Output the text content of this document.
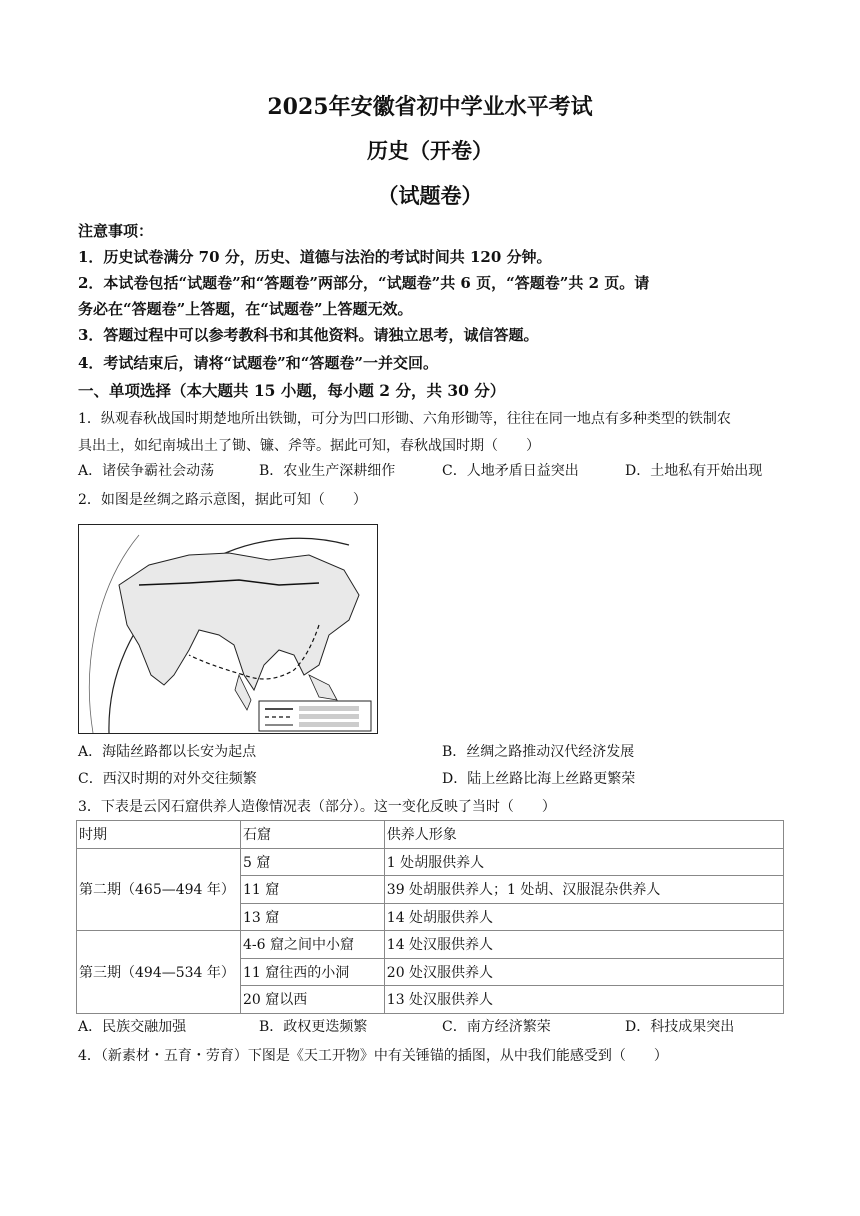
2025年安徽省初中学业水平考试
历史（开卷）
（试题卷）
注意事项：
1．历史试卷满分 70 分，历史、道德与法治的考试时间共 120 分钟。
2．本试卷包括“试题卷”和“答题卷”两部分，“试题卷”共 6 页，“答题卷”共 2 页。请
务必在“答题卷”上答题，在“试题卷”上答题无效。
3．答题过程中可以参考教科书和其他资料。请独立思考，诚信答题。
4．考试结束后，请将“试题卷”和“答题卷”一并交回。
一、单项选择（本大题共 15 小题，每小题 2 分，共 30 分）
1．纵观春秋战国时期楚地所出铁锄，可分为凹口形锄、六角形锄等，往往在同一地点有多种类型的铁制农
具出土，如纪南城出土了锄、镰、斧等。据此可知，春秋战国时期（　　）
A．诸侯争霸社会动荡	B．农业生产深耕细作	C．人地矛盾日益突出	D．土地私有开始出现
2．如图是丝绸之路示意图，据此可知（　　）
A．海陆丝路都以长安为起点	B．丝绸之路推动汉代经济发展
C．西汉时期的对外交往频繁	D．陆上丝路比海上丝路更繁荣
3．下表是云冈石窟供养人造像情况表（部分）。这一变化反映了当时（　　）
时期	石窟	供养人形象
第二期（465—494 年）	5 窟	1 处胡服供养人
	11 窟	39 处胡服供养人；1 处胡、汉服混杂供养人
	13 窟	14 处胡服供养人
第三期（494—534 年）	4-6 窟之间中小窟	14 处汉服供养人
	11 窟往西的小洞	20 处汉服供养人
	20 窟以西	13 处汉服供养人
A．民族交融加强	B．政权更迭频繁	C．南方经济繁荣	D．科技成果突出
4．（新素材・五育・劳育）下图是《天工开物》中有关锤锚的插图，从中我们能感受到（　　）
